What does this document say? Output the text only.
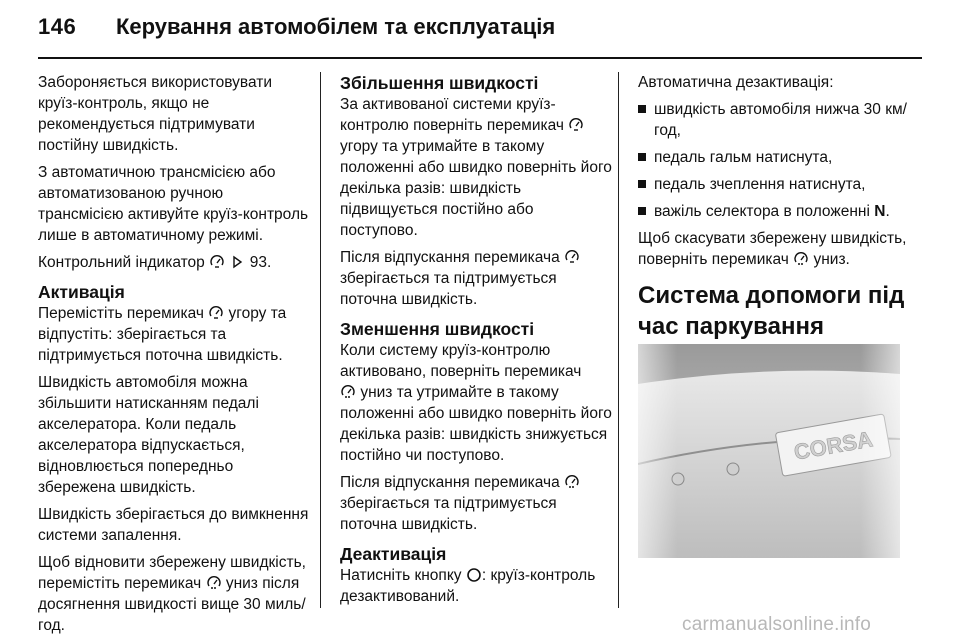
146 Керування автомобілем та експлуатація

Забороняється використовувати круїз-контроль, якщо не рекомендується підтримувати постійну швидкість.

З автоматичною трансмісією або автоматизованою ручною трансмісією активуйте круїз-контроль лише в автоматичному режимі.

Контрольний індикатор	93.

Активація

Перемістіть перемикач угору та відпустіть: зберігається та підтримується поточна швидкість.

Швидкість автомобіля можна збільшити натисканням педалі акселератора. Коли педаль акселератора відпускається, відновлюється попередньо збережена швидкість.

Швидкість зберігається до вимкнення системи запалення.

Щоб відновити збережену швидкість, перемістіть перемикач униз після досягнення швидкості вище 30 миль/год.

Збільшення швидкості

За активованої системи круїз-контролю поверніть перемикач  угору та утримайте в такому положенні або швидко поверніть його декілька разів: швидкість підвищується постійно або поступово.

Після відпускання перемикача  зберігається та підтримується поточна швидкість.

Зменшення швидкості

Коли систему круїз-контролю активовано, поверніть перемикач
униз та утримайте в такому положенні або швидко поверніть його декілька разів: швидкість знижується постійно чи поступово.

Після відпускання перемикача  зберігається та підтримується поточна швидкість.

Деактивація

Натисніть кнопку : круїз-контроль дезактивований.

Автоматична дезактивація:

швидкість автомобіля нижча 30 км/год,
педаль гальм натиснута,
педаль зчеплення натиснута,
важіль селектора в положенні N.

Щоб скасувати збережену швидкість, поверніть перемикач униз.

Система допомоги під час паркування
carmanualsonline.info
